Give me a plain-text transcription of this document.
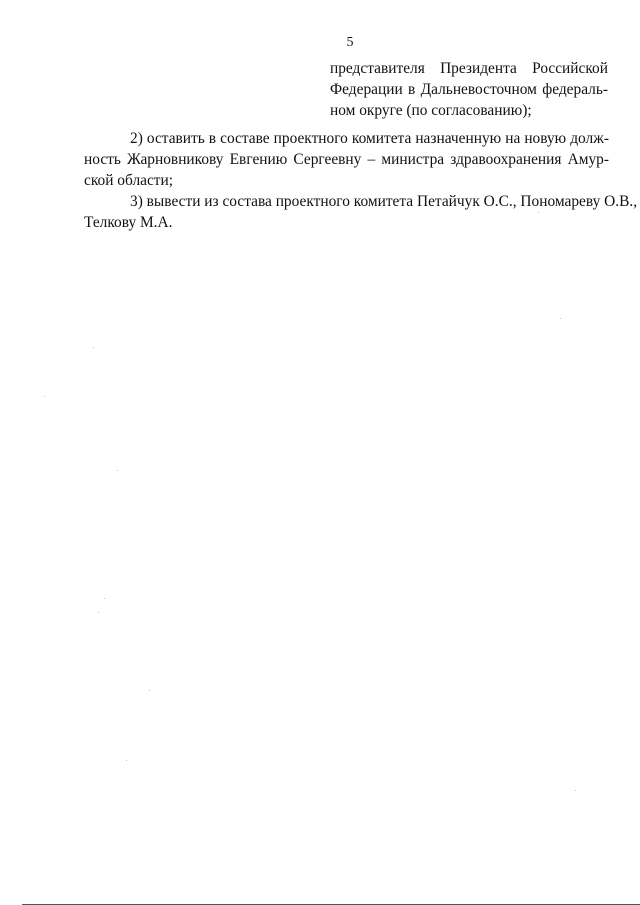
5
представителя Президента Российской
Федерации в Дальневосточном федераль-
ном округе (по согласованию);
2) оставить в составе проектного комитета назначенную на новую долж-
ность Жарновникову Евгению Сергеевну – министра здравоохранения Амур-
ской области;
3) вывести из состава проектного комитета Петайчук О.С., Пономареву О.В.,
Телкову М.А.
